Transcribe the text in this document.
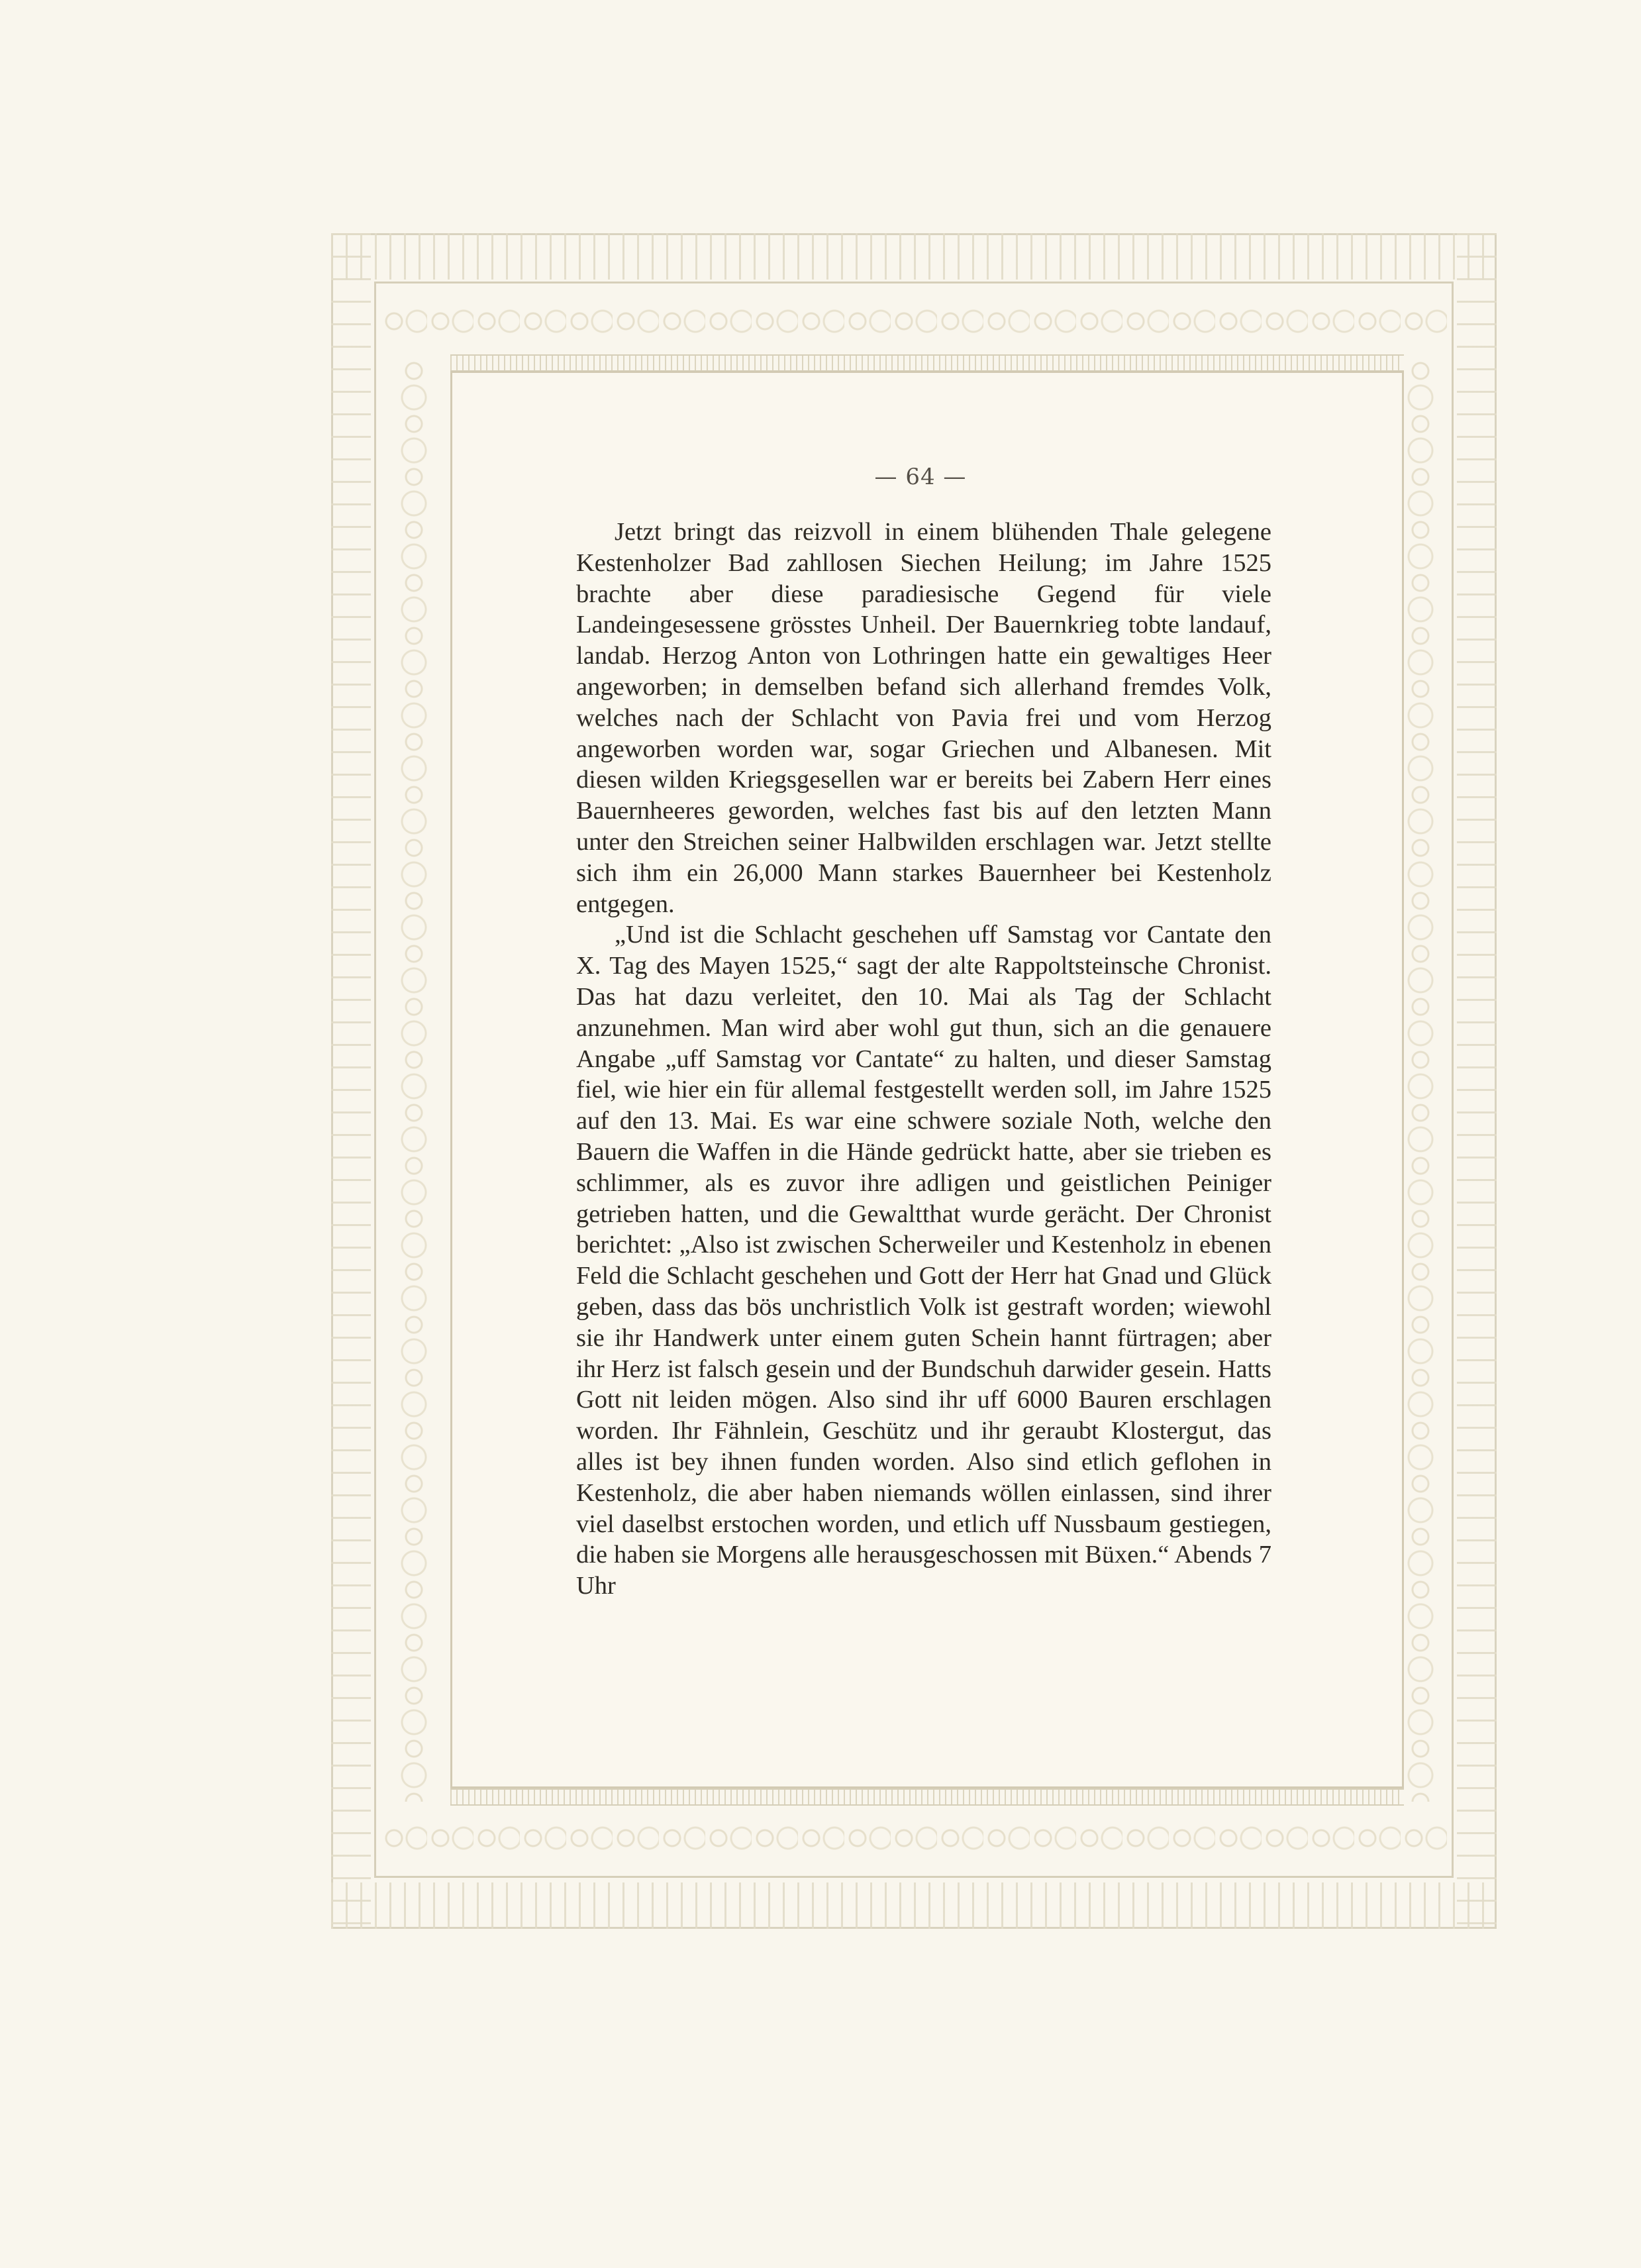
— 64 —

Jetzt bringt das reizvoll in einem blühenden Thale gelegene Kestenholzer Bad zahllosen Siechen Heilung; im Jahre 1525 brachte aber diese paradiesische Gegend für viele Landeingesessene grösstes Unheil. Der Bauernkrieg tobte landauf, landab. Herzog Anton von Lothringen hatte ein gewaltiges Heer angeworben; in demselben befand sich allerhand fremdes Volk, welches nach der Schlacht von Pavia frei und vom Herzog angeworben worden war, sogar Griechen und Albanesen. Mit diesen wilden Kriegsgesellen war er bereits bei Zabern Herr eines Bauernheeres geworden, welches fast bis auf den letzten Mann unter den Streichen seiner Halbwilden erschlagen war. Jetzt stellte sich ihm ein 26,000 Mann starkes Bauernheer bei Kestenholz entgegen.

„Und ist die Schlacht geschehen uff Samstag vor Cantate den X. Tag des Mayen 1525,“ sagt der alte Rappoltsteinsche Chronist. Das hat dazu verleitet, den 10. Mai als Tag der Schlacht anzunehmen. Man wird aber wohl gut thun, sich an die genauere Angabe „uff Samstag vor Cantate“ zu halten, und dieser Samstag fiel, wie hier ein für allemal festgestellt werden soll, im Jahre 1525 auf den 13. Mai. Es war eine schwere soziale Noth, welche den Bauern die Waffen in die Hände gedrückt hatte, aber sie trieben es schlimmer, als es zuvor ihre adligen und geistlichen Peiniger getrieben hatten, und die Gewaltthat wurde gerächt. Der Chronist berichtet: „Also ist zwischen Scherweiler und Kestenholz in ebenen Feld die Schlacht geschehen und Gott der Herr hat Gnad und Glück geben, dass das bös unchristlich Volk ist gestraft worden; wiewohl sie ihr Handwerk unter einem guten Schein hannt fürtragen; aber ihr Herz ist falsch gesein und der Bundschuh darwider gesein. Hatts Gott nit leiden mögen. Also sind ihr uff 6000 Bauren erschlagen worden. Ihr Fähnlein, Geschütz und ihr geraubt Klostergut, das alles ist bey ihnen funden worden. Also sind etlich geflohen in Kestenholz, die aber haben niemands wöllen einlassen, sind ihrer viel daselbst erstochen worden, und etlich uff Nussbaum gestiegen, die haben sie Morgens alle herausgeschossen mit Büxen.“ Abends 7 Uhr
